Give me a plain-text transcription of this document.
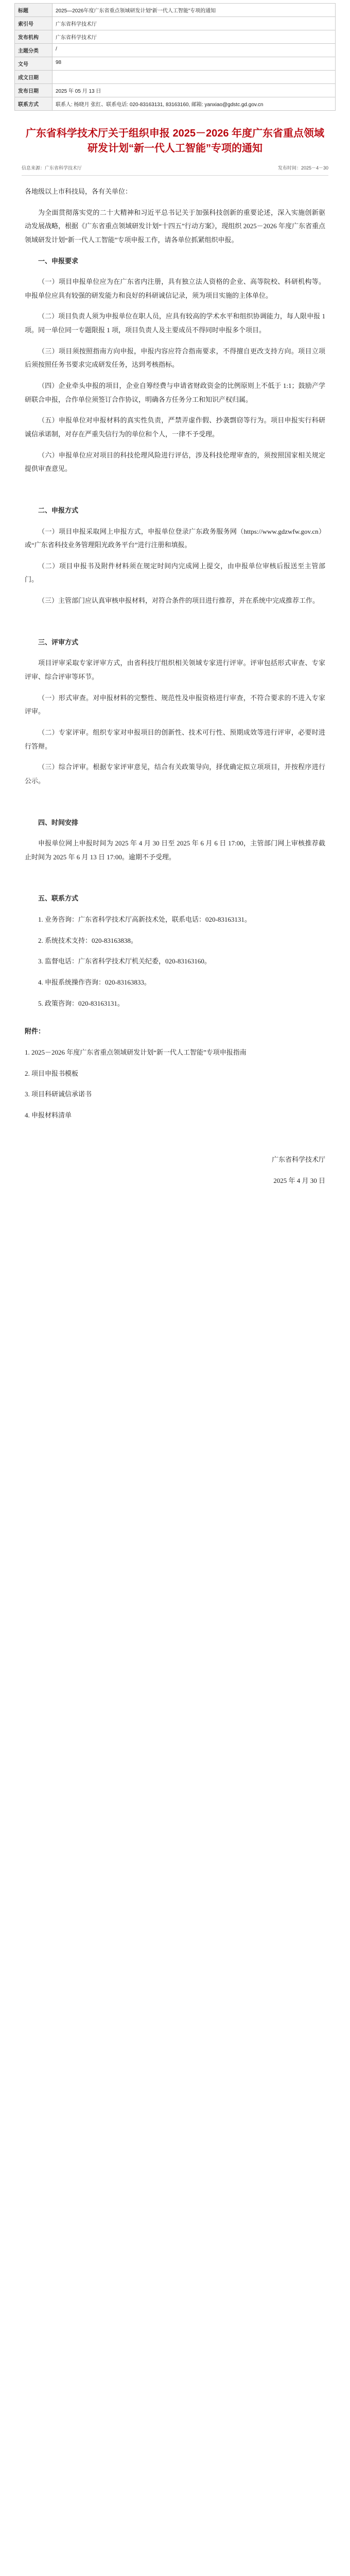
标题	2025—2026年度广东省重点领域研发计划“新一代人工智能”专项的通知
索引号	广东省科学技术厅
发布机构	广东省科学技术厅
主题分类	/
文号	98
成文日期	
发布日期	2025 年 05 月 13 日
联系方式	联系人: 杨晓月 张红、联系电话: 020-83163131, 83163160, 邮箱: yanxiao@gdstc.gd.gov.cn
广东省科学技术厅关于组织申报 2025－2026 年度广东省重点领域研发计划“新一代人工智能”专项的通知
信息来源：广东省科学技术厅	发布时间：2025－4－30

各地级以上市科技局，各有关单位：

为全面贯彻落实党的二十大精神和习近平总书记关于加强科技创新的重要论述，深入实施创新驱动发展战略，根据《广东省重点领域研发计划“十四五”行动方案》，现组织 2025－2026 年度广东省重点领域研发计划“新一代人工智能”专项申报工作，请各单位抓紧组织申报。

一、申报要求

（一）项目申报单位应为在广东省内注册，具有独立法人资格的企业、高等院校、科研机构等。申报单位应具有较强的研发能力和良好的科研诚信记录，须为项目实施的主体单位。

（二）项目负责人须为申报单位在职人员，应具有较高的学术水平和组织协调能力，每人限申报 1 项。同一单位同一专题限报 1 项，项目负责人及主要成员不得同时申报多个项目。

（三）项目须按照指南方向申报，申报内容应符合指南要求，不得擅自更改支持方向。项目立项后须按照任务书要求完成研发任务，达到考核指标。

（四）企业牵头申报的项目，企业自筹经费与申请省财政资金的比例原则上不低于 1:1；鼓励产学研联合申报，合作单位须签订合作协议，明确各方任务分工和知识产权归属。

（五）申报单位对申报材料的真实性负责，严禁弄虚作假、抄袭剽窃等行为。项目申报实行科研诚信承诺制，对存在严重失信行为的单位和个人，一律不予受理。

（六）申报单位应对项目的科技伦理风险进行评估，涉及科技伦理审查的，须按照国家相关规定提供审查意见。

二、申报方式

（一）项目申报采取网上申报方式，申报单位登录广东政务服务网（https://www.gdzwfw.gov.cn）或“广东省科技业务管理阳光政务平台”进行注册和填报。

（二）项目申报书及附件材料须在规定时间内完成网上提交，由申报单位审核后报送至主管部门。

（三）主管部门应认真审核申报材料，对符合条件的项目进行推荐，并在系统中完成推荐工作。

三、评审方式

项目评审采取专家评审方式，由省科技厅组织相关领域专家进行评审。评审包括形式审查、专家评审、综合评审等环节。

（一）形式审查。对申报材料的完整性、规范性及申报资格进行审查，不符合要求的不进入专家评审。

（二）专家评审。组织专家对申报项目的创新性、技术可行性、预期成效等进行评审，必要时进行答辩。

（三）综合评审。根据专家评审意见，结合有关政策导向，择优确定拟立项项目，并按程序进行公示。

四、时间安排

申报单位网上申报时间为 2025 年 4 月 30 日至 2025 年 6 月 6 日 17:00，主管部门网上审核推荐截止时间为 2025 年 6 月 13 日 17:00。逾期不予受理。

五、联系方式

1. 业务咨询：广东省科学技术厅高新技术处，联系电话：020-83163131。

2. 系统技术支持：020-83163838。

3. 监督电话：广东省科学技术厅机关纪委，020-83163160。

4. 申报系统操作咨询：020-83163833。

5. 政策咨询：020-83163131。

附件：

1. 2025－2026 年度广东省重点领域研发计划“新一代人工智能”专项申报指南

2. 项目申报书模板

3. 项目科研诚信承诺书

4. 申报材料清单

广东省科学技术厅

2025 年 4 月 30 日
